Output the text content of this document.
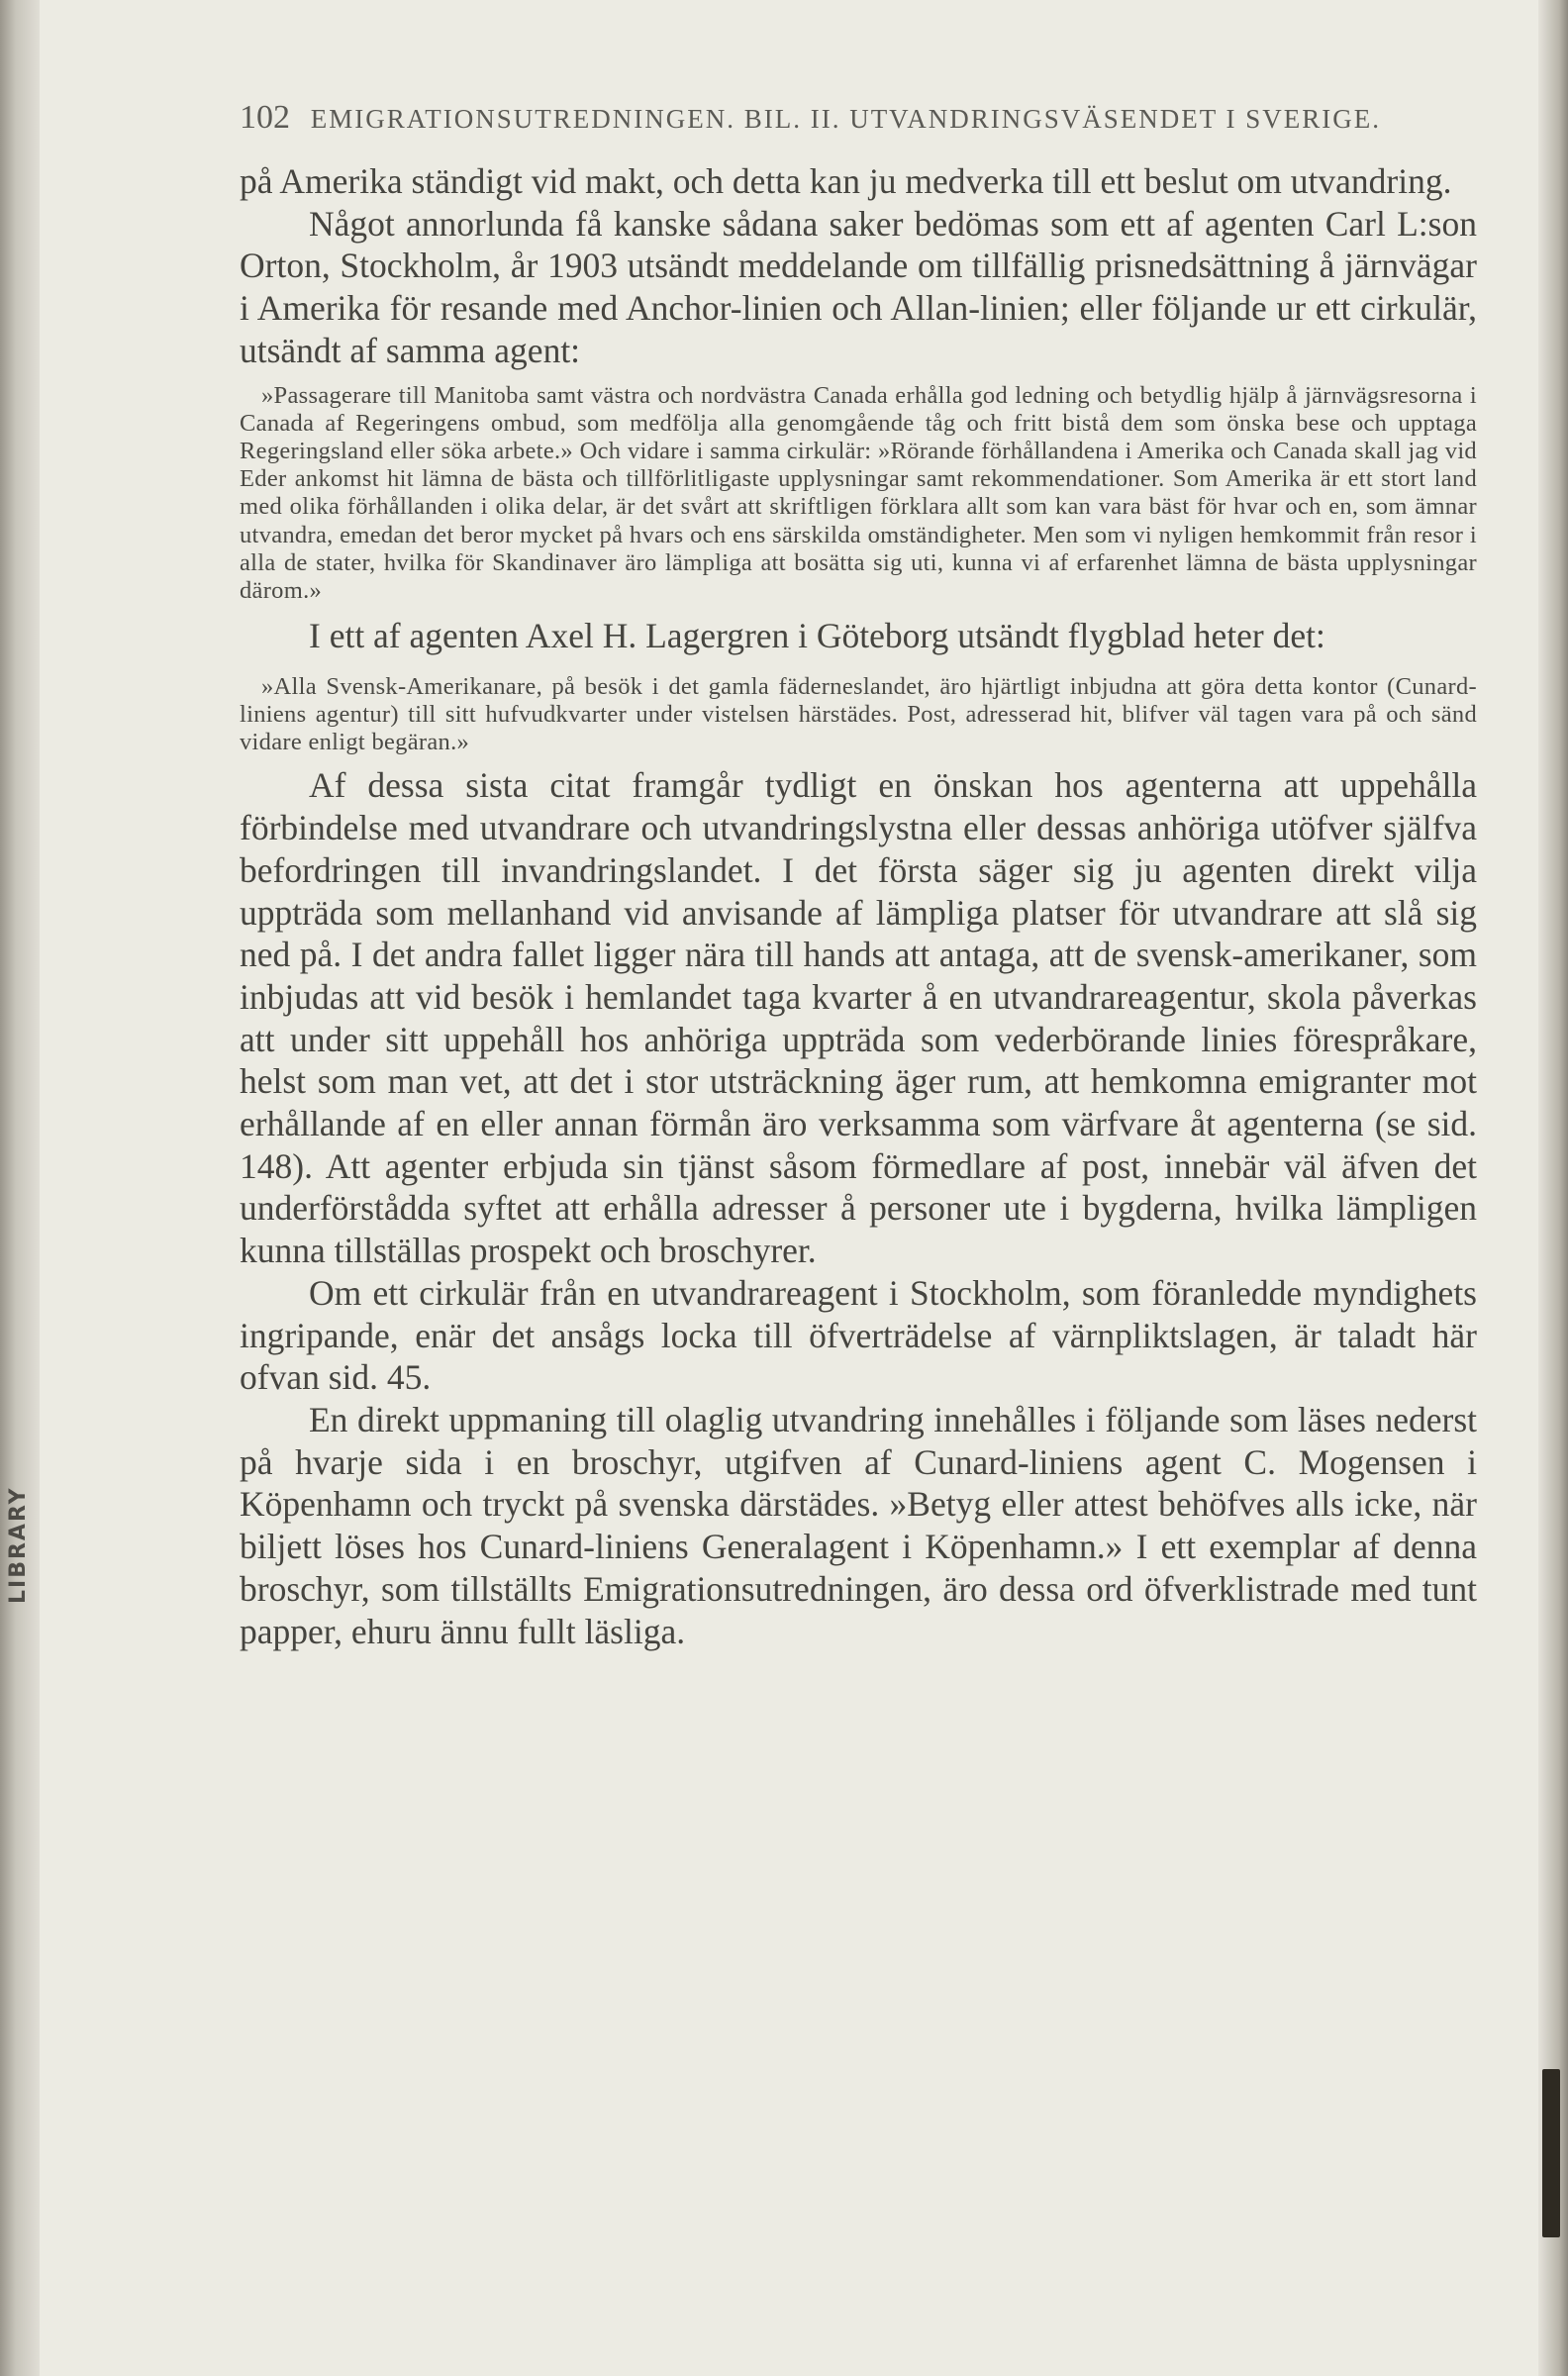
LIBRARY
102 EMIGRATIONSUTREDNINGEN. BIL. II. UTVANDRINGSVÄSENDET I SVERIGE.

på Amerika ständigt vid makt, och detta kan ju medverka till ett beslut om utvandring.

Något annorlunda få kanske sådana saker bedömas som ett af agenten Carl L:son Orton, Stockholm, år 1903 utsändt meddelande om tillfällig prisnedsättning å järnvägar i Amerika för resande med Anchor-linien och Allan-linien; eller följande ur ett cirkulär, utsändt af samma agent:

»Passagerare till Manitoba samt västra och nordvästra Canada erhålla god ledning och betydlig hjälp å järnvägsresorna i Canada af Regeringens ombud, som medfölja alla genomgående tåg och fritt bistå dem som önska bese och upptaga Regeringsland eller söka arbete.» Och vidare i samma cirkulär: »Rörande förhållandena i Amerika och Canada skall jag vid Eder ankomst hit lämna de bästa och tillförlitligaste upplysningar samt rekommendationer. Som Amerika är ett stort land med olika förhållanden i olika delar, är det svårt att skriftligen förklara allt som kan vara bäst för hvar och en, som ämnar utvandra, emedan det beror mycket på hvars och ens särskilda omständigheter. Men som vi nyligen hemkommit från resor i alla de stater, hvilka för Skandinaver äro lämpliga att bosätta sig uti, kunna vi af erfarenhet lämna de bästa upplysningar därom.»

I ett af agenten Axel H. Lagergren i Göteborg utsändt flygblad heter det:

»Alla Svensk-Amerikanare, på besök i det gamla fäderneslandet, äro hjärtligt inbjudna att göra detta kontor (Cunard-liniens agentur) till sitt hufvudkvarter under vistelsen härstädes. Post, adresserad hit, blifver väl tagen vara på och sänd vidare enligt begäran.»

Af dessa sista citat framgår tydligt en önskan hos agenterna att uppehålla förbindelse med utvandrare och utvandringslystna eller dessas anhöriga utöfver själfva befordringen till invandringslandet. I det första säger sig ju agenten direkt vilja uppträda som mellanhand vid anvisande af lämpliga platser för utvandrare att slå sig ned på. I det andra fallet ligger nära till hands att antaga, att de svensk-amerikaner, som inbjudas att vid besök i hemlandet taga kvarter å en utvandrareagentur, skola påverkas att under sitt uppehåll hos anhöriga uppträda som vederbörande linies förespråkare, helst som man vet, att det i stor utsträckning äger rum, att hemkomna emigranter mot erhållande af en eller annan förmån äro verksamma som värfvare åt agenterna (se sid. 148). Att agenter erbjuda sin tjänst såsom förmedlare af post, innebär väl äfven det underförstådda syftet att erhålla adresser å personer ute i bygderna, hvilka lämpligen kunna tillställas prospekt och broschyrer.

Om ett cirkulär från en utvandrareagent i Stockholm, som föranledde myndighets ingripande, enär det ansågs locka till öfverträdelse af värnpliktslagen, är taladt här ofvan sid. 45.

En direkt uppmaning till olaglig utvandring innehålles i följande som läses nederst på hvarje sida i en broschyr, utgifven af Cunard-liniens agent C. Mogensen i Köpenhamn och tryckt på svenska därstädes. »Betyg eller attest behöfves alls icke, när biljett löses hos Cunard-liniens Generalagent i Köpenhamn.» I ett exemplar af denna broschyr, som tillställts Emigrationsutredningen, äro dessa ord öfverklistrade med tunt papper, ehuru ännu fullt läsliga.
